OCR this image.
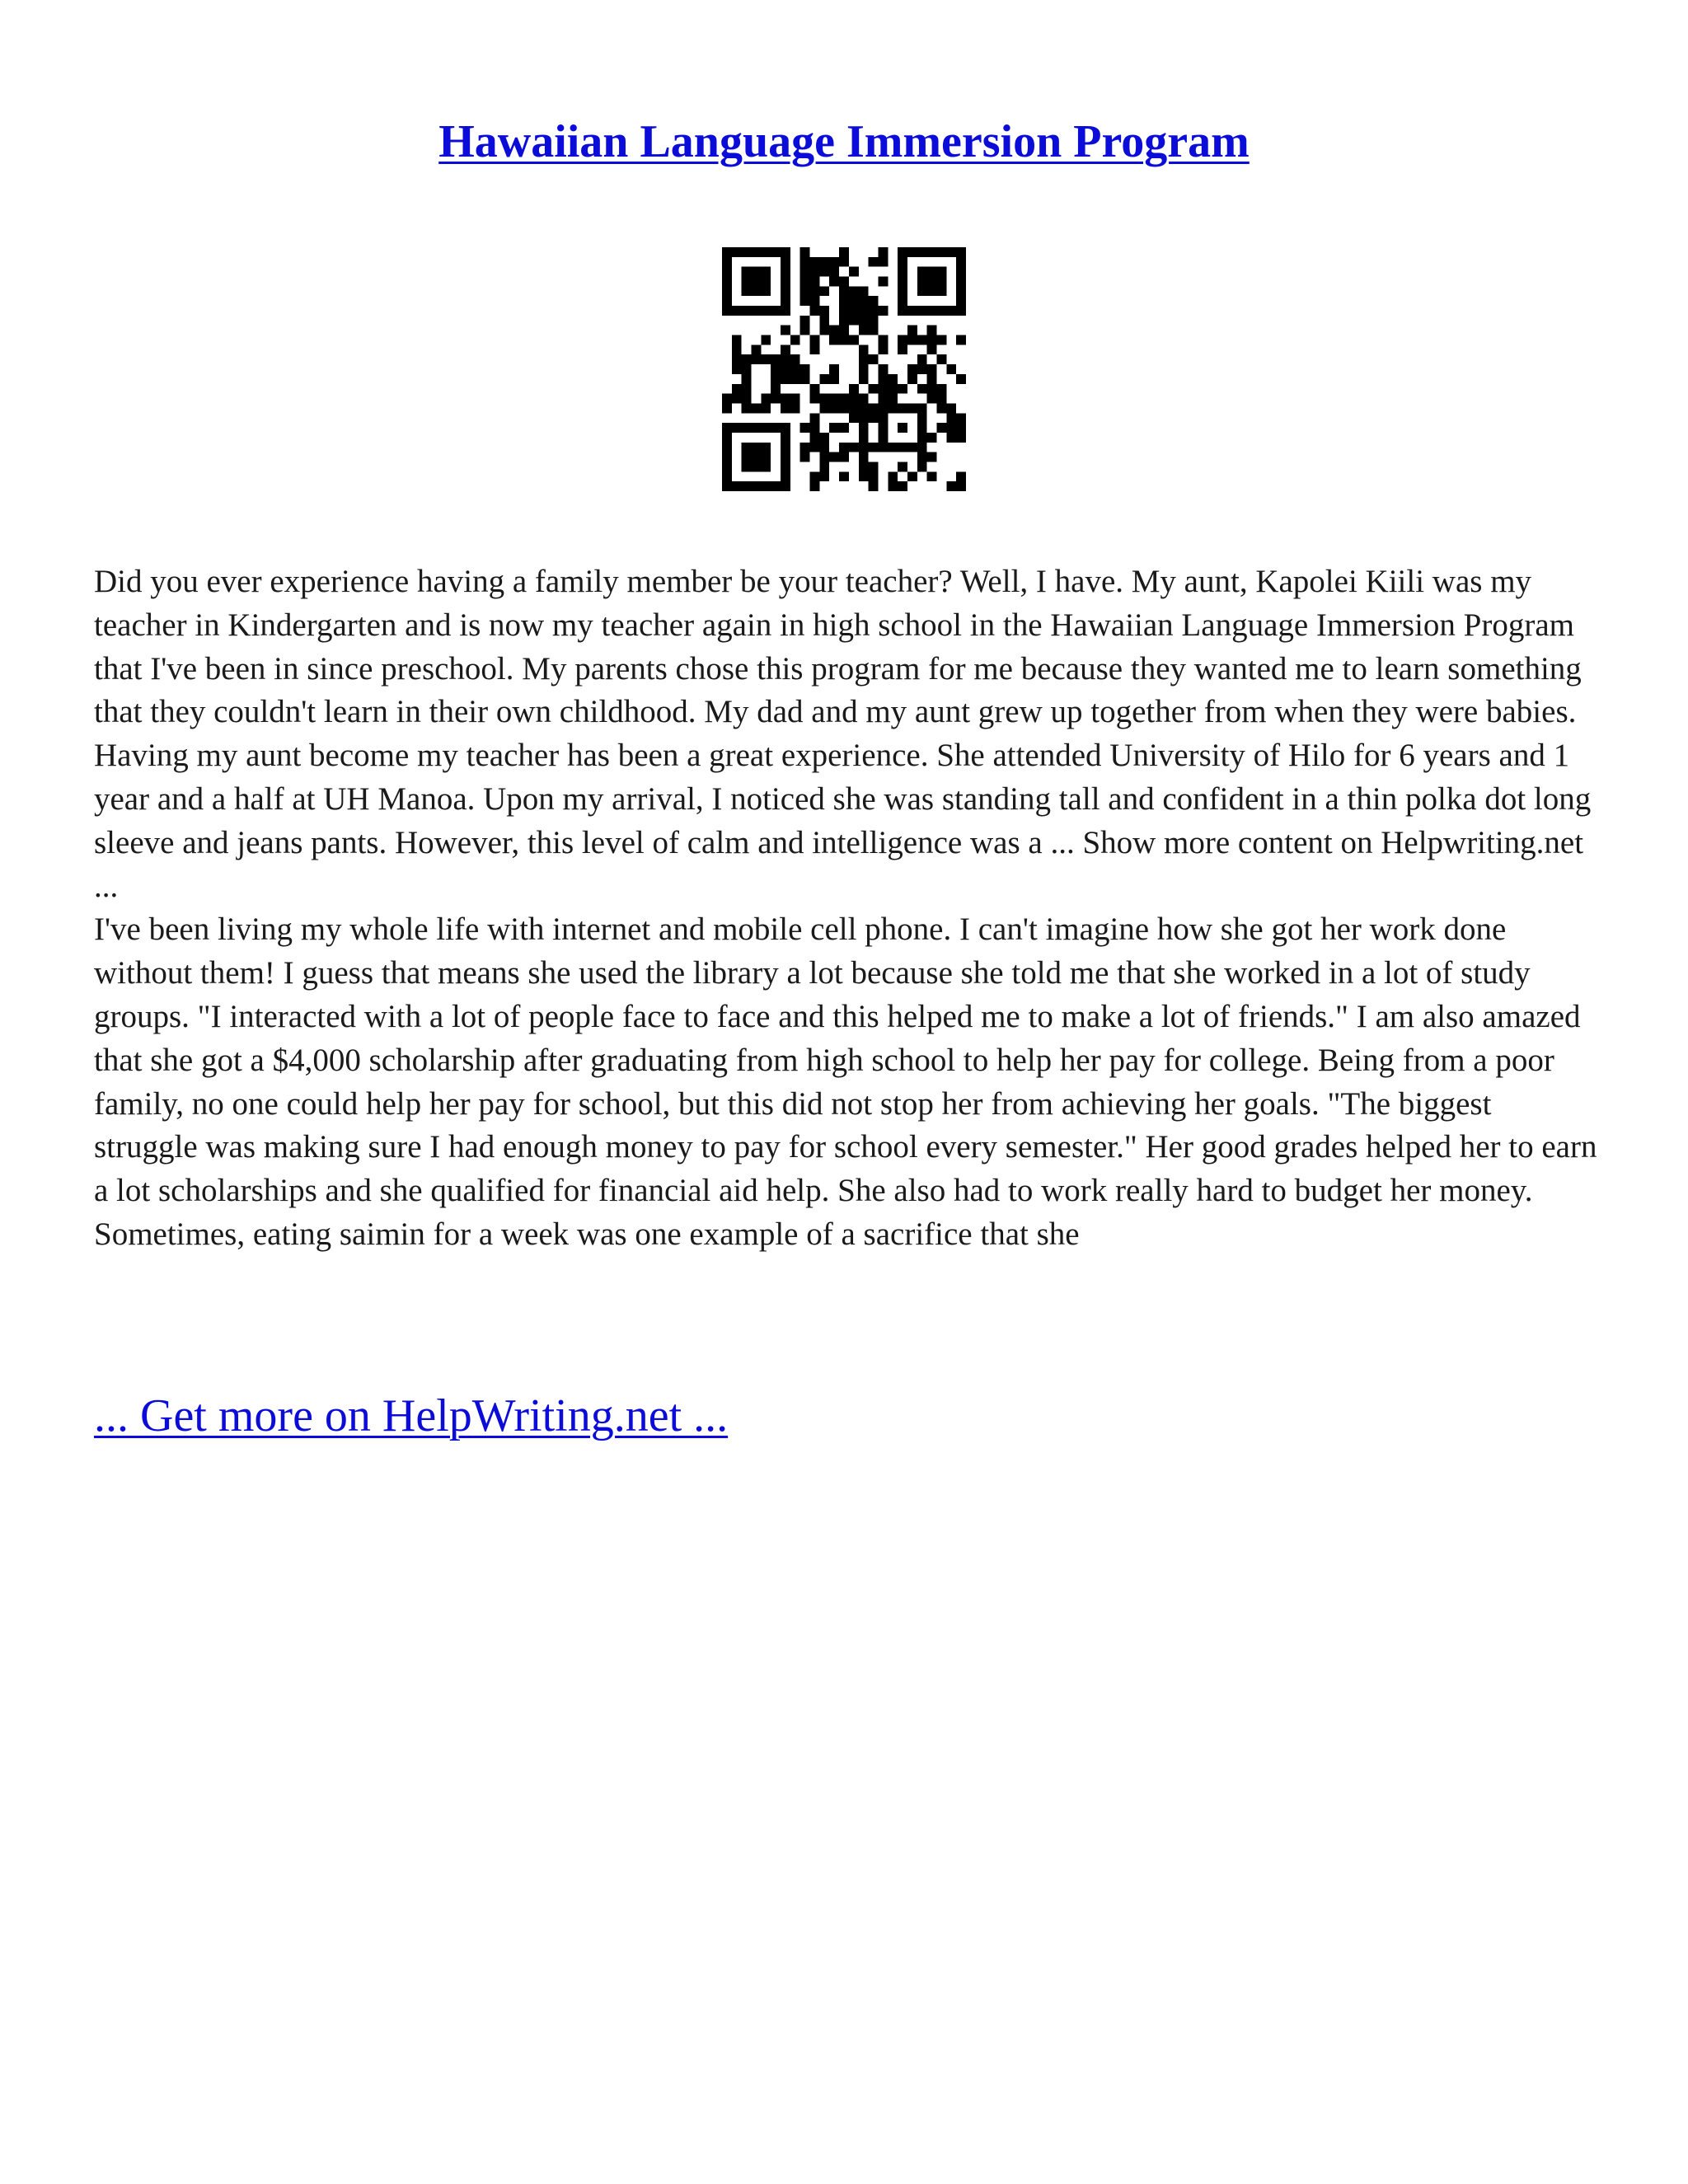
Hawaiian Language Immersion Program

Did you ever experience having a family member be your teacher? Well, I have. My aunt, Kapolei Kiili was my teacher in Kindergarten and is now my teacher again in high school in the Hawaiian Language Immersion Program that I've been in since preschool. My parents chose this program for me because they wanted me to learn something that they couldn't learn in their own childhood. My dad and my aunt grew up together from when they were babies. Having my aunt become my teacher has been a great experience. She attended University of Hilo for 6 years and 1 year and a half at UH Manoa. Upon my arrival, I noticed she was standing tall and confident in a thin polka dot long sleeve and jeans pants. However, this level of calm and intelligence was a ... Show more content on Helpwriting.net ...

I've been living my whole life with internet and mobile cell phone. I can't imagine how she got her work done without them! I guess that means she used the library a lot because she told me that she worked in a lot of study groups. "I interacted with a lot of people face to face and this helped me to make a lot of friends." I am also amazed that she got a $4,000 scholarship after graduating from high school to help her pay for college. Being from a poor family, no one could help her pay for school, but this did not stop her from achieving her goals. "The biggest struggle was making sure I had enough money to pay for school every semester." Her good grades helped her to earn a lot scholarships and she qualified for financial aid help. She also had to work really hard to budget her money. Sometimes, eating saimin for a week was one example of a sacrifice that she

... Get more on HelpWriting.net ...
